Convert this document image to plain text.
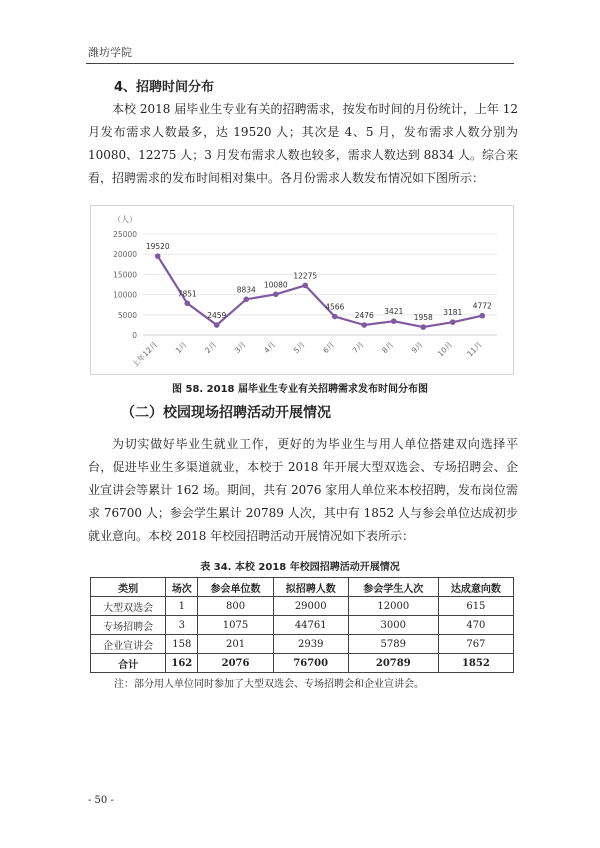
潍坊学院
4、招聘时间分布

本校 2018 届毕业生专业有关的招聘需求，按发布时间的月份统计，上年 12 月发布需求人数最多，达 19520 人；其次是 4、5 月，发布需求人数分别为 10080、12275 人；3 月发布需求人数也较多，需求人数达到 8834 人。综合来看，招聘需求的发布时间相对集中。各月份需求人数发布情况如下图所示：

（人）
0
5000
10000
15000
20000
25000
上年12月 1月 2月 3月 4月 5月 6月 7月 8月 9月 10月 11月
19520
7851
2459
8834
10080
12275
4566
2476 3421
1958
3181
4772
图 58. 2018 届毕业生专业有关招聘需求发布时间分布图
（二）校园现场招聘活动开展情况

为切实做好毕业生就业工作，更好的为毕业生与用人单位搭建双向选择平台，促进毕业生多渠道就业，本校于 2018 年开展大型双选会、专场招聘会、企业宣讲会等累计 162 场。期间，共有 2076 家用人单位来本校招聘，发布岗位需求 76700 人；参会学生累计 20789 人次，其中有 1852 人与参会单位达成初步就业意向。本校 2018 年校园招聘活动开展情况如下表所示：

表 34. 本校 2018 年校园招聘活动开展情况
类别	场次	参会单位数	拟招聘人数	参会学生人次	达成意向数
大型双选会	1	800	29000	12000	615
专场招聘会	3	1075	44761	3000	470
企业宣讲会	158	201	2939	5789	767
合计	162	2076	76700	20789	1852
注：部分用人单位同时参加了大型双选会、专场招聘会和企业宣讲会。
- 50 -
